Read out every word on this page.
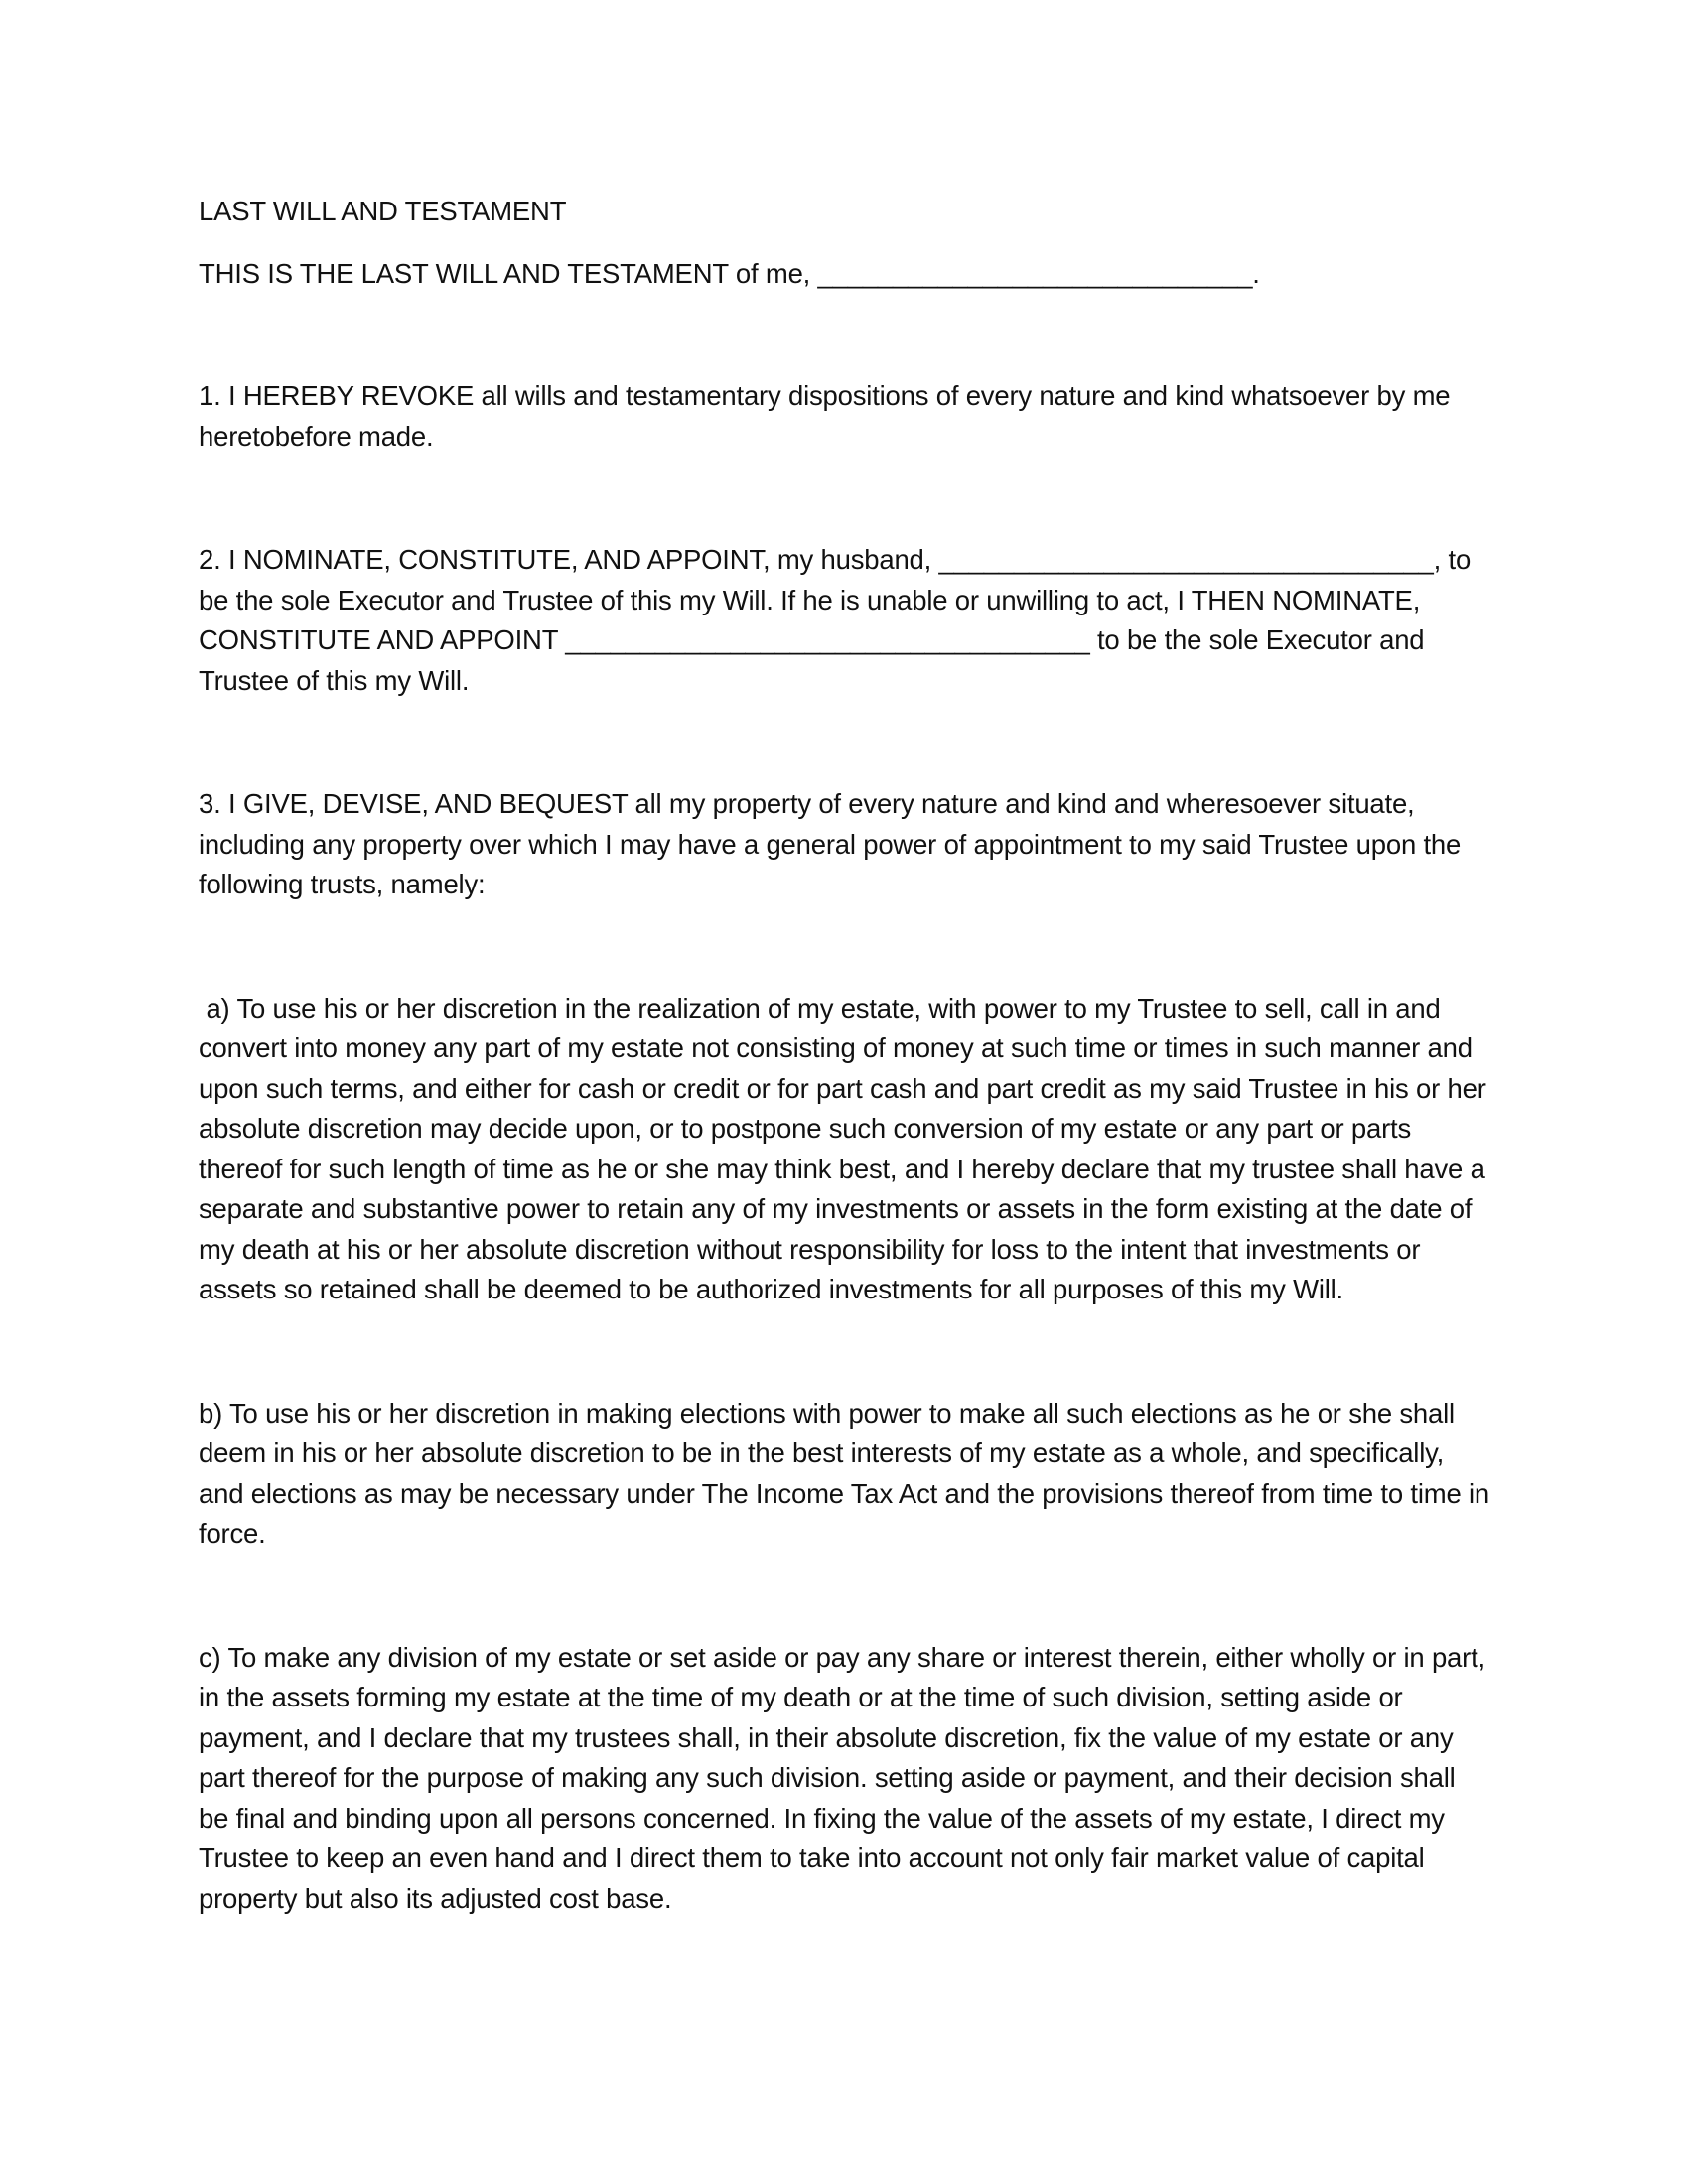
LAST WILL AND TESTAMENT

THIS IS THE LAST WILL AND TESTAMENT of me, _____________________________.

1. I HEREBY REVOKE all wills and testamentary dispositions of every nature and kind whatsoever by me heretobefore made.

2. I NOMINATE, CONSTITUTE, AND APPOINT, my husband, _________________________________, to be the sole Executor and Trustee of this my Will. If he is unable or unwilling to act, I THEN NOMINATE, CONSTITUTE AND APPOINT ___________________________________ to be the sole Executor and Trustee of this my Will.

3. I GIVE, DEVISE, AND BEQUEST all my property of every nature and kind and wheresoever situate, including any property over which I may have a general power of appointment to my said Trustee upon the following trusts, namely:

a) To use his or her discretion in the realization of my estate, with power to my Trustee to sell, call in and convert into money any part of my estate not consisting of money at such time or times in such manner and upon such terms, and either for cash or credit or for part cash and part credit as my said Trustee in his or her absolute discretion may decide upon, or to postpone such conversion of my estate or any part or parts thereof for such length of time as he or she may think best, and I hereby declare that my trustee shall have a separate and substantive power to retain any of my investments or assets in the form existing at the date of my death at his or her absolute discretion without responsibility for loss to the intent that investments or assets so retained shall be deemed to be authorized investments for all purposes of this my Will.

b) To use his or her discretion in making elections with power to make all such elections as he or she shall deem in his or her absolute discretion to be in the best interests of my estate as a whole, and specifically, and elections as may be necessary under The Income Tax Act and the provisions thereof from time to time in force.

c) To make any division of my estate or set aside or pay any share or interest therein, either wholly or in part, in the assets forming my estate at the time of my death or at the time of such division, setting aside or payment, and I declare that my trustees shall, in their absolute discretion, fix the value of my estate or any part thereof for the purpose of making any such division. setting aside or payment, and their decision shall be final and binding upon all persons concerned. In fixing the value of the assets of my estate, I direct my Trustee to keep an even hand and I direct them to take into account not only fair market value of capital property but also its adjusted cost base.
